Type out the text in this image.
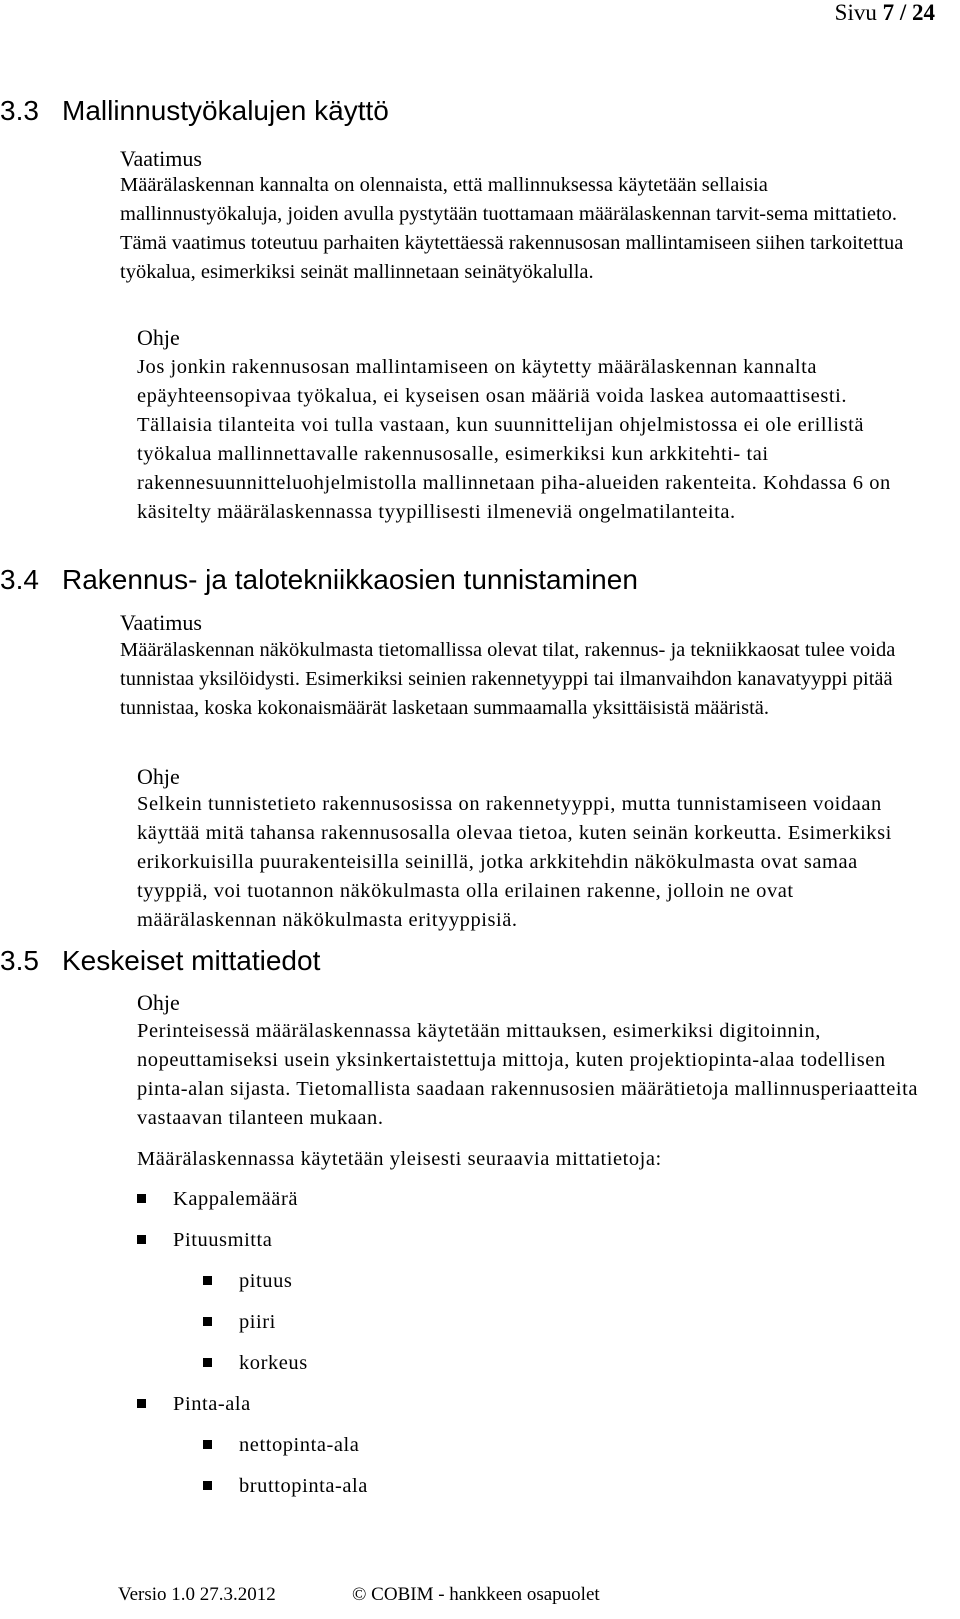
Sivu 7 / 24
3.3 Mallinnustyökalujen käyttö
Vaatimus
Määrälaskennan kannalta on olennaista, että mallinnuksessa käytetään sellaisia mallinnustyökaluja, joiden avulla pystytään tuottamaan määrälaskennan tarvit-sema mittatieto. Tämä vaatimus toteutuu parhaiten käytettäessä rakennusosan mallintamiseen siihen tarkoitettua työkalua, esimerkiksi seinät mallinnetaan seinätyökalulla.
Ohje
Jos jonkin rakennusosan mallintamiseen on käytetty määrälaskennan kannalta epäyhteensopivaa työkalua, ei kyseisen osan määriä voida laskea automaattisesti. Tällaisia tilanteita voi tulla vastaan, kun suunnittelijan ohjelmistossa ei ole erillistä työkalua mallinnettavalle rakennusosalle, esimerkiksi kun arkkitehti- tai rakennesuunnitteluohjelmistolla mallinnetaan piha-alueiden rakenteita. Kohdassa 6 on käsitelty määrälaskennassa tyypillisesti ilmeneviä ongelmatilanteita.
3.4 Rakennus- ja talotekniikkaosien tunnistaminen
Vaatimus
Määrälaskennan näkökulmasta tietomallissa olevat tilat, rakennus- ja tekniikkaosat tulee voida tunnistaa yksilöidysti. Esimerkiksi seinien rakennetyyppi tai ilmanvaihdon kanavatyyppi pitää tunnistaa, koska kokonaismäärät lasketaan summaamalla yksittäisistä määristä.
Ohje
Selkein tunnistetieto rakennusosissa on rakennetyyppi, mutta tunnistamiseen voidaan käyttää mitä tahansa rakennusosalla olevaa tietoa, kuten seinän korkeutta. Esimerkiksi erikorkuisilla puurakenteisilla seinillä, jotka arkkitehdin näkökulmasta ovat samaa tyyppiä, voi tuotannon näkökulmasta olla erilainen rakenne, jolloin ne ovat määrälaskennan näkökulmasta erityyppisiä.
3.5 Keskeiset mittatiedot
Ohje
Perinteisessä määrälaskennassa käytetään mittauksen, esimerkiksi digitoinnin, nopeuttamiseksi usein yksinkertaistettuja mittoja, kuten projektiopinta-alaa todellisen pinta-alan sijasta. Tietomallista saadaan rakennusosien määrätietoja mallinnusperiaatteita vastaavan tilanteen mukaan.
Määrälaskennassa käytetään yleisesti seuraavia mittatietoja:
Kappalemäärä
Pituusmitta
pituus
piiri
korkeus
Pinta-ala
nettopinta-ala
bruttopinta-ala
Versio 1.0 27.3.2012	© COBIM - hankkeen osapuolet
